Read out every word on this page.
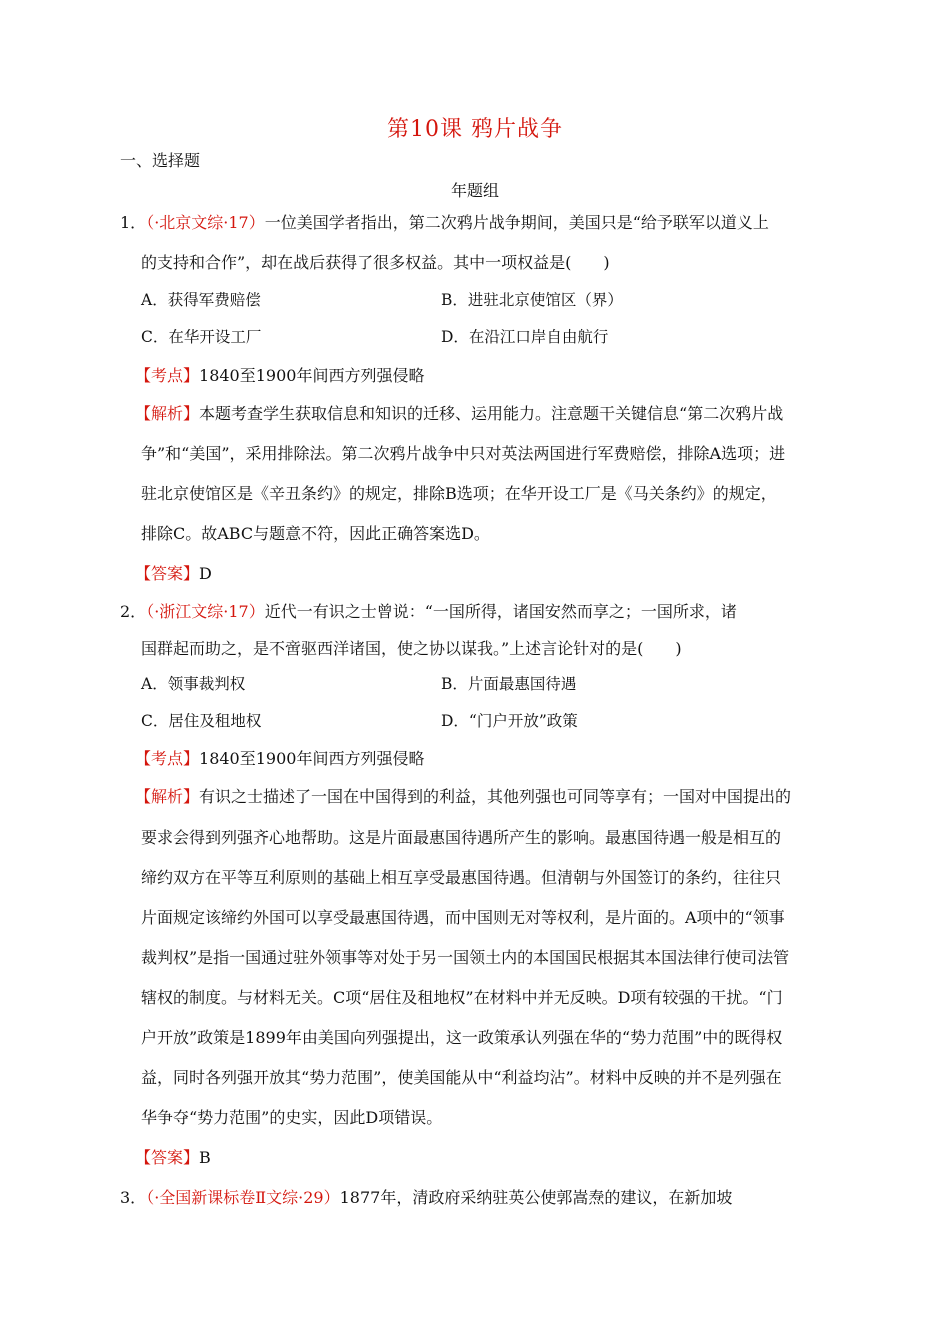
第10课 鸦片战争
一、选择题
年题组
1．（·北京文综·17）一位美国学者指出，第二次鸦片战争期间，美国只是“给予联军以道义上
的支持和合作”，却在战后获得了很多权益。其中一项权益是(　　)
A．获得军费赔偿	B．进驻北京使馆区（界）
C．在华开设工厂	D．在沿江口岸自由航行
【考点】1840至1900年间西方列强侵略
【解析】本题考查学生获取信息和知识的迁移、运用能力。注意题干关键信息“第二次鸦片战
争”和“美国”，采用排除法。第二次鸦片战争中只对英法两国进行军费赔偿，排除A选项；进
驻北京使馆区是《辛丑条约》的规定，排除B选项；在华开设工厂是《马关条约》的规定，
排除C。故ABC与题意不符，因此正确答案选D。
【答案】D
2．（·浙江文综·17）近代一有识之士曾说：“一国所得，诸国安然而享之；一国所求，诸
国群起而助之，是不啻驱西洋诸国，使之协以谋我。”上述言论针对的是(　　)
A．领事裁判权	B．片面最惠国待遇
C．居住及租地权	D．“门户开放”政策
【考点】1840至1900年间西方列强侵略
【解析】有识之士描述了一国在中国得到的利益，其他列强也可同等享有；一国对中国提出的
要求会得到列强齐心地帮助。这是片面最惠国待遇所产生的影响。最惠国待遇一般是相互的
缔约双方在平等互利原则的基础上相互享受最惠国待遇。但清朝与外国签订的条约，往往只
片面规定该缔约外国可以享受最惠国待遇，而中国则无对等权利，是片面的。A项中的“领事
裁判权”是指一国通过驻外领事等对处于另一国领土内的本国国民根据其本国法律行使司法管
辖权的制度。与材料无关。C项“居住及租地权”在材料中并无反映。D项有较强的干扰。“门
户开放”政策是1899年由美国向列强提出，这一政策承认列强在华的“势力范围”中的既得权
益，同时各列强开放其“势力范围”，使美国能从中“利益均沾”。材料中反映的并不是列强在
华争夺“势力范围”的史实，因此D项错误。
【答案】B
3．（·全国新课标卷Ⅱ文综·29）1877年，清政府采纳驻英公使郭嵩焘的建议，在新加坡
